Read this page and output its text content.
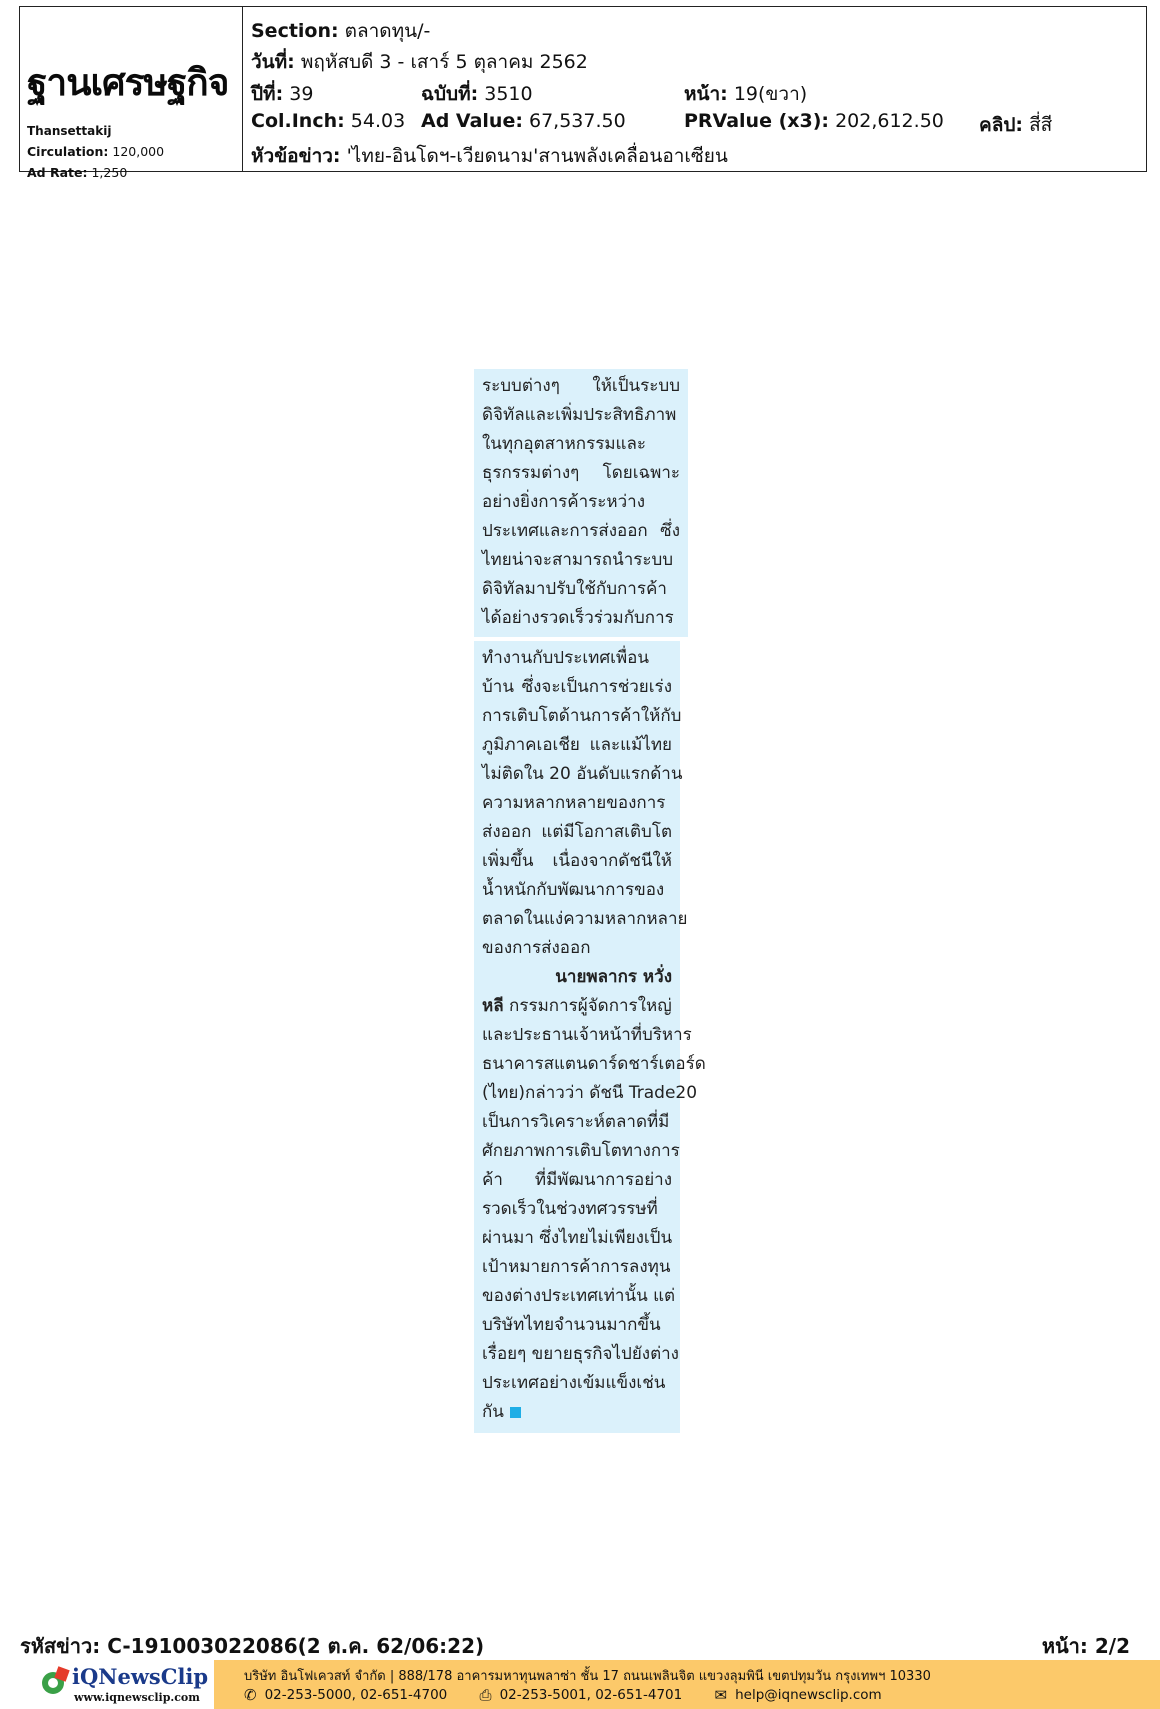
ฐานเศรษฐกิจ
Thansettakij
Circulation: 120,000
Ad Rate: 1,250
Section: ตลาดทุน/-
วันที่: พฤหัสบดี 3 - เสาร์ 5 ตุลาคม 2562
ปีที่: 39	ฉบับที่: 3510	หน้า: 19(ขวา)
Col.Inch: 54.03 Ad Value: 67,537.50	PRValue (x3): 202,612.50 คลิป: สี่สี
หัวข้อข่าว: 'ไทย-อินโดฯ-เวียดนาม'สานพลังเคลื่อนอาเซียน
ระบบต่างๆ ให้เป็นระบบ
ดิจิทัลและเพิ่มประสิทธิภาพ
ในทุกอุตสาหกรรมและ
ธุรกรรมต่างๆ โดยเฉพาะ
อย่างยิ่งการค้าระหว่าง
ประเทศและการส่งออก ซึ่ง
ไทยน่าจะสามารถนำระบบ
ดิจิทัลมาปรับใช้กับการค้า
ได้อย่างรวดเร็วร่วมกับการ
ทำงานกับประเทศเพื่อน
บ้าน ซึ่งจะเป็นการช่วยเร่ง
การเติบโตด้านการค้าให้กับ
ภูมิภาคเอเชีย และแม้ไทย
ไม่ติดใน 20 อันดับแรกด้าน
ความหลากหลายของการ
ส่งออก แต่มีโอกาสเติบโต
เพิ่มขึ้น เนื่องจากดัชนีให้
น้ำหนักกับพัฒนาการของ
ตลาดในแง่ความหลากหลาย
ของการส่งออก
นายพลากร หวั่ง
หลี กรรมการผู้จัดการใหญ่
และประธานเจ้าหน้าที่บริหาร
ธนาคารสแตนดาร์ดชาร์เตอร์ด
(ไทย)กล่าวว่า ดัชนี Trade20
เป็นการวิเคราะห์ตลาดที่มี
ศักยภาพการเติบโตทางการ
ค้า ที่มีพัฒนาการอย่าง
รวดเร็วในช่วงทศวรรษที่
ผ่านมา ซึ่งไทยไม่เพียงเป็น
เป้าหมายการค้าการลงทุน
ของต่างประเทศเท่านั้น แต่
บริษัทไทยจำนวนมากขึ้น
เรื่อยๆ ขยายธุรกิจไปยังต่าง
ประเทศอย่างเข้มแข็งเช่น
กัน
รหัสข่าว: C-191003022086(2 ต.ค. 62/06:22)	หน้า: 2/2
iQNewsClip
www.iqnewsclip.com
บริษัท อินโฟเควสท์ จำกัด | 888/178 อาคารมหาทุนพลาซ่า ชั้น 17 ถนนเพลินจิต แขวงลุมพินี เขตปทุมวัน กรุงเทพฯ 10330
✆ 02-253-5000, 02-651-4700
⎙ 02-253-5001, 02-651-4701
✉ help@iqnewsclip.com
